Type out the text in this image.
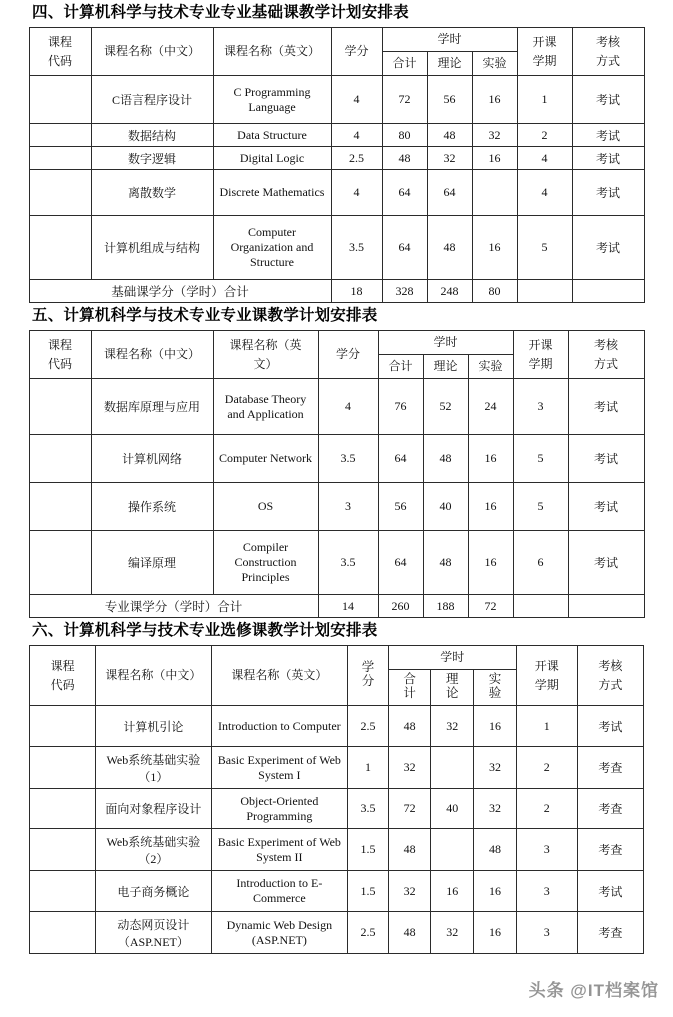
四、计算机科学与技术专业专业基础课教学计划安排表
课程
代码	课程名称（中文）	课程名称（英文）	学分	学时			开课
学期	考核
方式

				合计	理论	实验		
	C语言程序设计	C Programming Language	4	72	56	16	1	考试
	数据结构	Data Structure	4	80	48	32	2	考试
	数字逻辑	Digital Logic	2.5	48	32	16	4	考试
	离散数学	Discrete Mathematics	4	64	64		4	考试
	计算机组成与结构	Computer Organization and Structure	3.5	64	48	16	5	考试
基础课学分（学时）合计			18	328	248	80		
五、计算机科学与技术专业专业课教学计划安排表
课程
代码	课程名称（中文）	课程名称（英
文）	学分	学时			开课
学期	考核
方式

				合计	理论	实验		
	数据库原理与应用	Database Theory and Application	4	76	52	24	3	考试
	计算机网络	Computer Network	3.5	64	48	16	5	考试
	操作系统	OS	3	56	40	16	5	考试
	编译原理	Compiler Construction Principles	3.5	64	48	16	6	考试
专业课学分（学时）合计			14	260	188	72		
六、计算机科学与技术专业选修课教学计划安排表
课程
代码	课程名称（中文）	课程名称（英文）	学
分	学时			开课
学期	考核
方式

				合
计	理
论	实
验		

	计算机引论	Introduction to Computer	2.5	48	32	16	1	考试
	Web系统基础实验（1）	Basic Experiment of Web System I	1	32		32	2	考查
	面向对象程序设计	Object-Oriented Programming	3.5	72	40	32	2	考查
	Web系统基础实验（2）	Basic Experiment of Web System II	1.5	48		48	3	考查
	电子商务概论	Introduction to E-Commerce	1.5	32	16	16	3	考试
	动态网页设计（ASP.NET）	Dynamic Web Design (ASP.NET)	2.5	48	32	16	3	考查
头条 @IT档案馆
